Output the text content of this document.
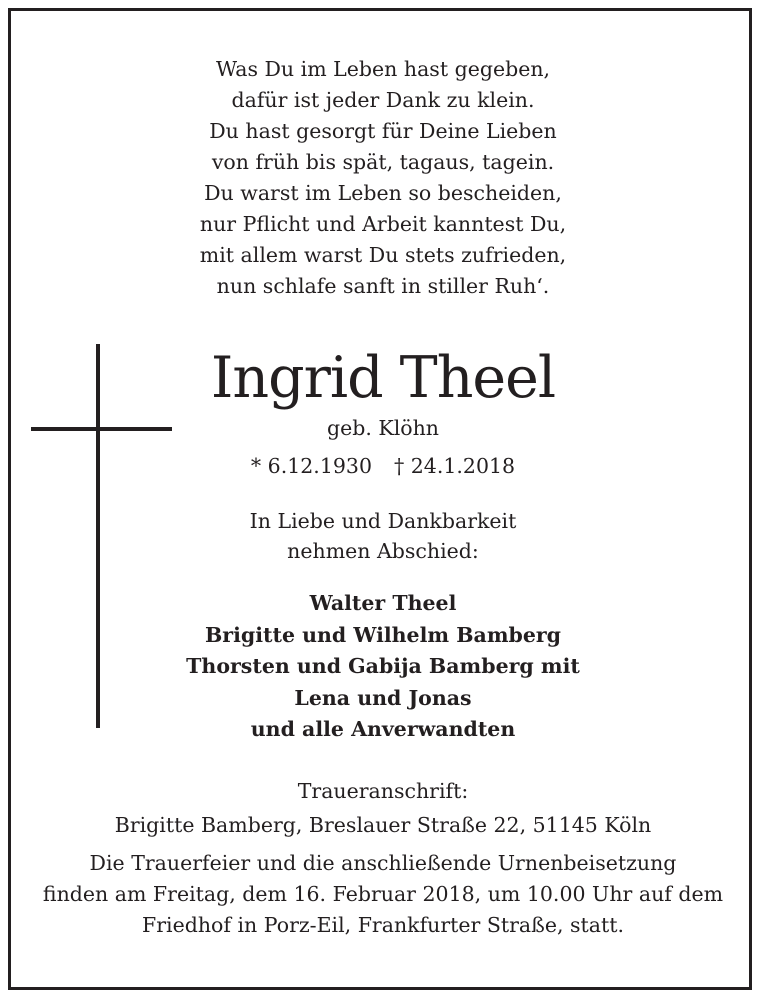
Was Du im Leben hast gegeben,
dafür ist jeder Dank zu klein.
Du hast gesorgt für Deine Lieben
von früh bis spät, tagaus, tagein.
Du warst im Leben so bescheiden,
nur Pflicht und Arbeit kanntest Du,
mit allem warst Du stets zufrieden,
nun schlafe sanft in stiller Ruh‘.
Ingrid Theel
geb. Klöhn
* 6.12.1930 † 24.1.2018
In Liebe und Dankbarkeit
nehmen Abschied:
Walter Theel
Brigitte und Wilhelm Bamberg
Thorsten und Gabija Bamberg mit
Lena und Jonas
und alle Anverwandten
Traueranschrift:
Brigitte Bamberg, Breslauer Straße 22, 51145 Köln
Die Trauerfeier und die anschließende Urnenbeisetzung
finden am Freitag, dem 16. Februar 2018, um 10.00 Uhr auf dem
Friedhof in Porz-Eil, Frankfurter Straße, statt.
